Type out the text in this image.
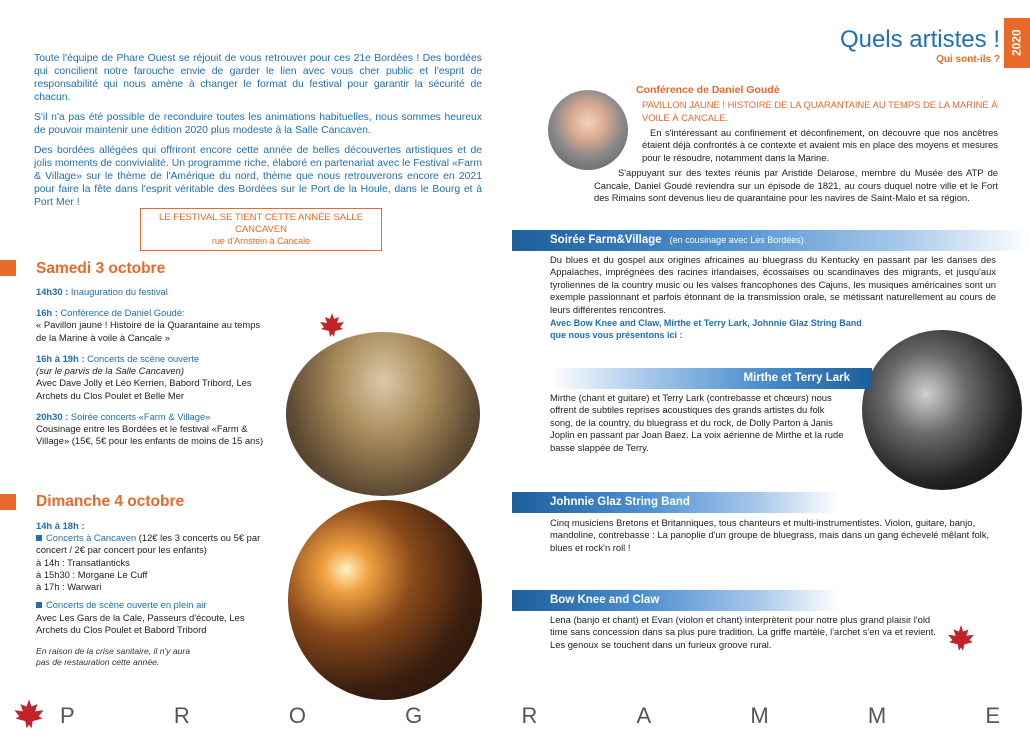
Quels artistes !
Qui sont-ils ?
2020

Toute l'équipe de Phare Ouest se réjouit de vous retrouver pour ces 21e Bordées ! Des bordées qui concilient notre farouche envie de garder le lien avec vous cher public et l'esprit de responsabilité qui nous amène à changer le format du festival pour garantir la sécurité de chacun.

S'il n'a pas été possible de reconduire toutes les animations habituelles, nous sommes heureux de pouvoir maintenir une édition 2020 plus modeste à la Salle Cancaven.

Des bordées allégées qui offriront encore cette année de belles découvertes artistiques et de jolis moments de convivialité. Un programme riche, élaboré en partenariat avec le Festival «Farm & Village» sur le thème de l'Amérique du nord, thème que nous retrouverons encore en 2021 pour faire la fête dans l'esprit véritable des Bordées sur le Port de la Houle, dans le Bourg et à Port Mer !

LE FESTIVAL SE TIENT CETTE ANNÉE SALLE CANCAVEN
rue d'Arnstein à Cancale
Samedi 3 octobre

14h30 : Inauguration du festival

16h : Conférence de Daniel Goudé:
« Pavillon jaune ! Histoire de la Quarantaine au temps de la Marine à voile à Cancale »

16h à 19h : Concerts de scène ouverte
(sur le parvis de la Salle Cancaven)
Avec Dave Jolly et Léo Kerrien, Babord Tribord, Les Archets du Clos Poulet et Belle Mer

20h30 : Soirée concerts «Farm & Village»
Cousinage entre les Bordées et le festival «Farm & Village» (15€, 5€ pour les enfants de moins de 15 ans)

Dimanche 4 octobre

14h à 18h :
Concerts à Cancaven (12€ les 3 concerts ou 5€ par concert / 2€ par concert pour les enfants)
à 14h : Transatlanticks
à 15h30 : Morgane Le Cuff
à 17h : Warwari

Concerts de scène ouverte en plein air
Avec Les Gars de la Cale, Passeurs d'écoute, Les Archets du Clos Poulet et Babord Tribord

En raison de la crise sanitaire, il n'y aura pas de restauration cette année.

Conférence de Daniel Goudé
PAVILLON JAUNE ! HISTOIRE DE LA QUARANTAINE AU TEMPS DE LA MARINE À VOILE À CANCALE.
En s'intéressant au confinement et déconfinement, on découvre que nos ancêtres étaient déjà confrontés à ce contexte et avaient mis en place des moyens et mesures pour le résoudre, notamment dans la Marine.
S'appuyant sur des textes réunis par Aristide Delarose, membre du Musée des ATP de Cancale, Daniel Goudé reviendra sur un épisode de 1821, au cours duquel notre ville et le Fort des Rimains sont devenus lieu de quarantaine pour les navires de Saint-Malo et sa région.
Soirée Farm&Village (en cousinage avec Les Bordées)
Du blues et du gospel aux origines africaines au bluegrass du Kentucky en passant par les danses des Appalaches, imprégnées des racines irlandaises, écossaises ou scandinaves des migrants, et jusqu'aux tyroliennes de la country music ou les valses francophones des Cajuns, les musiques américaines sont un exemple passionnant et parfois étonnant de la transmission orale, se métissant naturellement au cours de leurs différentes rencontres.
Avec Bow Knee and Claw, Mirthe et Terry Lark, Johnnie Glaz String Band
que nous vous présentons ici :
Mirthe et Terry Lark
Mirthe (chant et guitare) et Terry Lark (contrebasse et chœurs) nous offrent de subtiles reprises acoustiques des grands artistes du folk song, de la country, du bluegrass et du rock, de Dolly Parton à Janis Joplin en passant par Joan Baez. La voix aérienne de Mirthe et la rude basse slappée de Terry.
Johnnie Glaz String Band
Cinq musiciens Bretons et Britanniques, tous chanteurs et multi-instrumentistes. Violon, guitare, banjo, mandoline, contrebasse : La panoplie d'un groupe de bluegrass, mais dans un gang échevelé mêlant folk, blues et rock'n roll !
Bow Knee and Claw
Lena (banjo et chant) et Evan (violon et chant) interprètent pour notre plus grand plaisir l'old time sans concession dans sa plus pure tradition. La griffe martèle, l'archet s'en va et revient. Les genoux se touchent dans un furieux groove rural.
P	R	O	G	R	A	M	M	E
